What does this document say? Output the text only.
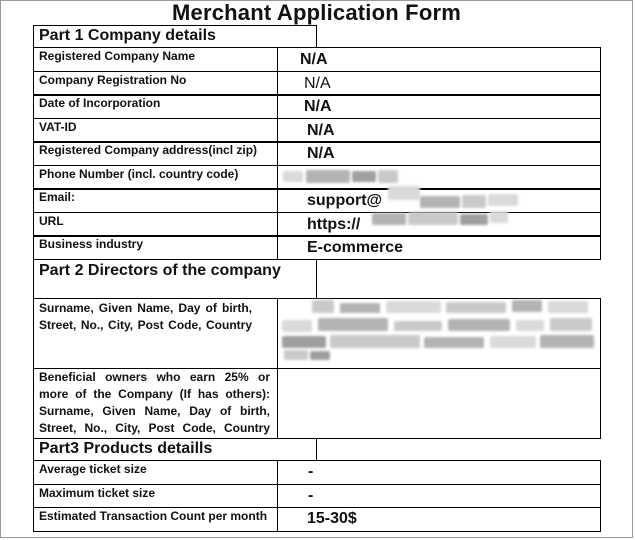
Merchant Application Form
Part 1 Company details
Registered Company Name	N/A
Company Registration No	N/A
Date of Incorporation	N/A
VAT-ID	N/A
Registered Company address(incl zip)	N/A
Phone Number (incl. country code)
Email:	support@
URL	https://
Business industry	E-commerce
Part 2 Directors of the company
Surname, Given Name, Day of birth, Street, No., City, Post Code, Country
Beneficial owners who earn 25% or more of the Company (If has others): Surname, Given Name, Day of birth, Street, No., City, Post Code, Country
Part3 Products detaills
Average ticket size	-
Maximum ticket size	-
Estimated Transaction Count per month 15-30$
